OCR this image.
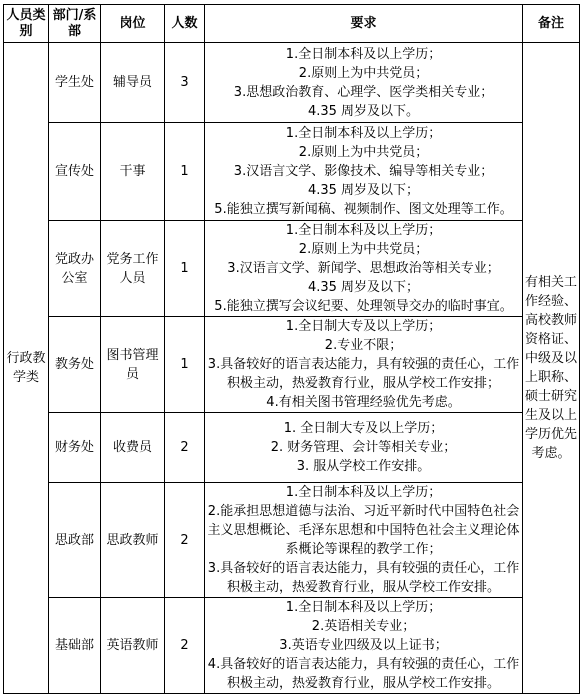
人员类别	部门/系部	岗位	人数	要求	备注
行政教学类	学生处	辅导员	3	1.全日制本科及以上学历；
2.原则上为中共党员；
3.思想政治教育、心理学、医学类相关专业；
4.35 周岁及以下。	有相关工作经验、高校教师资格证、中级及以上职称、硕士研究生及以上学历优先考虑。
	宣传处	干事	1	1.全日制本科及以上学历；
2.原则上为中共党员；
3.汉语言文学、影像技术、编导等相关专业；
4.35 周岁及以下；
5.能独立撰写新闻稿、视频制作、图文处理等工作。	

	党政办公室	党务工作人员	1	1.全日制本科及以上学历；
2.原则上为中共党员；
3.汉语言文学、新闻学、思想政治等相关专业；
4.35 周岁及以下；
5.能独立撰写会议纪要、处理领导交办的临时事宜。	

	教务处	图书管理员	1	1.全日制大专及以上学历；
2.专业不限；
3.具备较好的语言表达能力，具有较强的责任心，工作积极主动，热爱教育行业，服从学校工作安排；
4.有相关图书管理经验优先考虑。	

	财务处	收费员	2	1. 全日制大专及以上学历；
2. 财务管理、会计等相关专业；
3. 服从学校工作安排。	

	思政部	思政教师	2	1.全日制本科及以上学历；
2.能承担思想道德与法治、习近平新时代中国特色社会主义思想概论、毛泽东思想和中国特色社会主义理论体系概论等课程的教学工作；
3.具备较好的语言表达能力，具有较强的责任心，工作积极主动，热爱教育行业，服从学校工作安排。	

	基础部	英语教师	2	1.全日制本科及以上学历；
2.英语相关专业；
3.英语专业四级及以上证书；
4.具备较好的语言表达能力，具有较强的责任心，工作积极主动，热爱教育行业，服从学校工作安排。	
